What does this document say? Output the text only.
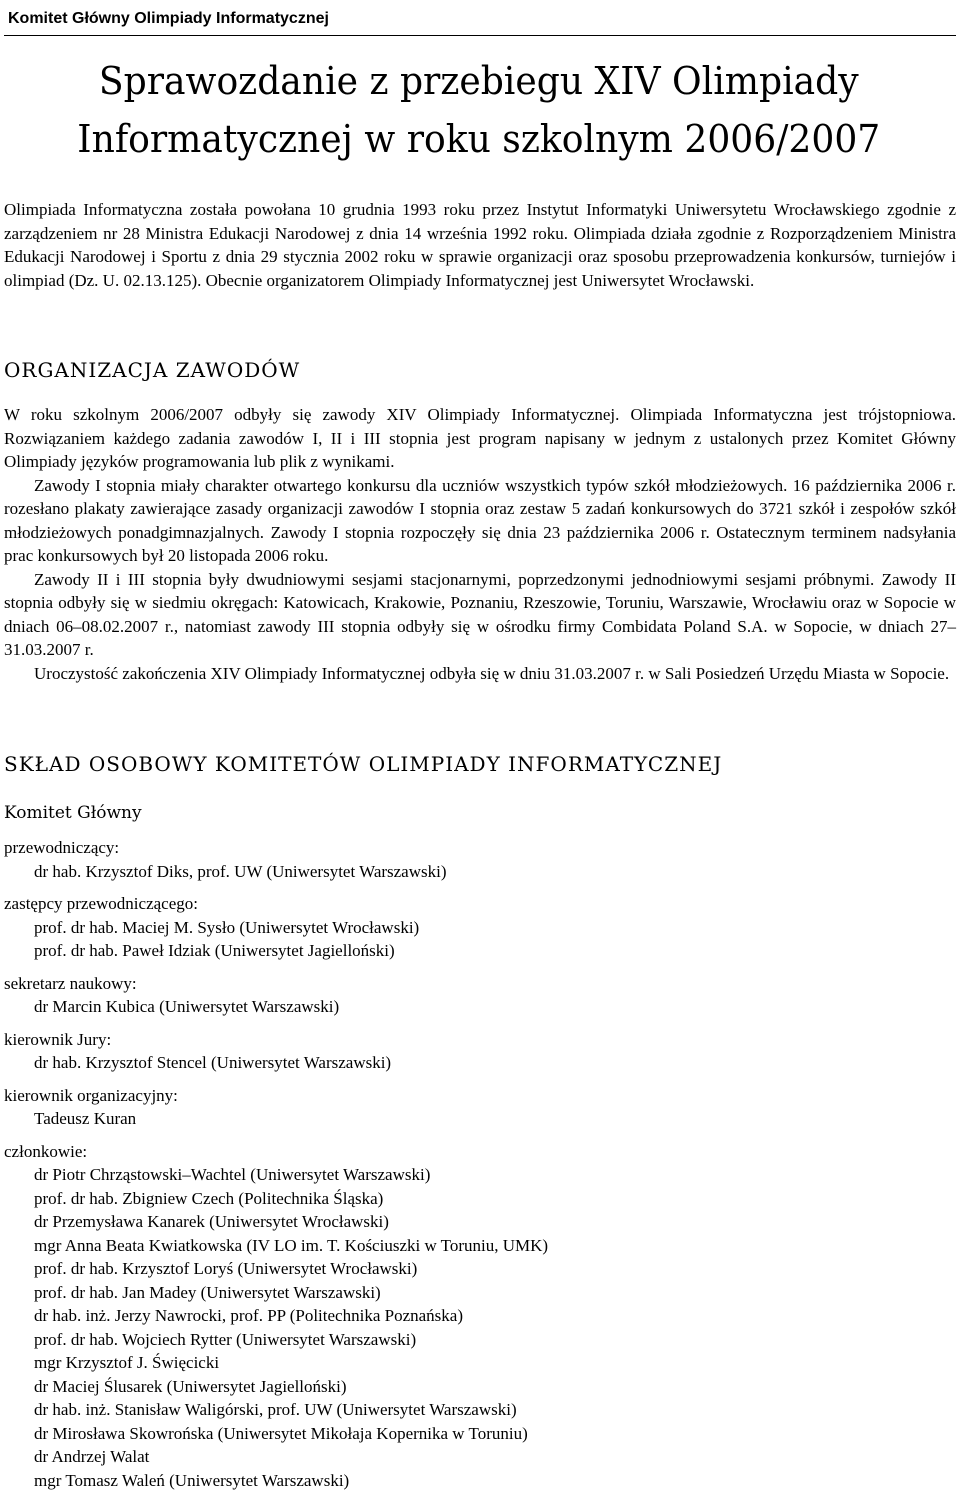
Komitet Główny Olimpiady Informatycznej
Sprawozdanie z przebiegu XIV Olimpiady
Informatycznej w roku szkolnym 2006/2007

Olimpiada Informatyczna została powołana 10 grudnia 1993 roku przez Instytut Informatyki Uniwersytetu Wrocławskiego zgodnie z zarządzeniem nr 28 Ministra Edukacji Narodowej z dnia 14 września 1992 roku. Olimpiada działa zgodnie z Rozporządzeniem Ministra Edukacji Narodowej i Sportu z dnia 29 stycznia 2002 roku w sprawie organizacji oraz sposobu przeprowadzenia konkursów, turniejów i olimpiad (Dz. U. 02.13.125). Obecnie organizatorem Olimpiady Informatycznej jest Uniwersytet Wrocławski.

ORGANIZACJA ZAWODÓW

W roku szkolnym 2006/2007 odbyły się zawody XIV Olimpiady Informatycznej. Olimpiada Informatyczna jest trójstopniowa. Rozwiązaniem każdego zadania zawodów I, II i III stopnia jest program napisany w jednym z ustalonych przez Komitet Główny Olimpiady języków programowania lub plik z wynikami.

Zawody I stopnia miały charakter otwartego konkursu dla uczniów wszystkich typów szkół młodzieżowych. 16 października 2006 r. rozesłano plakaty zawierające zasady organizacji zawodów I stopnia oraz zestaw 5 zadań konkursowych do 3721 szkół i zespołów szkół młodzieżowych ponadgimnazjalnych. Zawody I stopnia rozpoczęły się dnia 23 października 2006 r. Ostatecznym terminem nadsyłania prac konkursowych był 20 listopada 2006 roku.

Zawody II i III stopnia były dwudniowymi sesjami stacjonarnymi, poprzedzonymi jednodniowymi sesjami próbnymi. Zawody II stopnia odbyły się w siedmiu okręgach: Katowicach, Krakowie, Poznaniu, Rzeszowie, Toruniu, Warszawie, Wrocławiu oraz w Sopocie w dniach 06–08.02.2007 r., natomiast zawody III stopnia odbyły się w ośrodku firmy Combidata Poland S.A. w Sopocie, w dniach 27–31.03.2007 r.

Uroczystość zakończenia XIV Olimpiady Informatycznej odbyła się w dniu 31.03.2007 r. w Sali Posiedzeń Urzędu Miasta w Sopocie.

SKŁAD OSOBOWY KOMITETÓW OLIMPIADY INFORMATYCZNEJ
Komitet Główny
przewodniczący:
dr hab. Krzysztof Diks, prof. UW (Uniwersytet Warszawski)
zastępcy przewodniczącego:
prof. dr hab. Maciej M. Sysło (Uniwersytet Wrocławski)
prof. dr hab. Paweł Idziak (Uniwersytet Jagielloński)
sekretarz naukowy:
dr Marcin Kubica (Uniwersytet Warszawski)
kierownik Jury:
dr hab. Krzysztof Stencel (Uniwersytet Warszawski)
kierownik organizacyjny:
Tadeusz Kuran
członkowie:
dr Piotr Chrząstowski–Wachtel (Uniwersytet Warszawski)
prof. dr hab. Zbigniew Czech (Politechnika Śląska)
dr Przemysława Kanarek (Uniwersytet Wrocławski)
mgr Anna Beata Kwiatkowska (IV LO im. T. Kościuszki w Toruniu, UMK)
prof. dr hab. Krzysztof Loryś (Uniwersytet Wrocławski)
prof. dr hab. Jan Madey (Uniwersytet Warszawski)
dr hab. inż. Jerzy Nawrocki, prof. PP (Politechnika Poznańska)
prof. dr hab. Wojciech Rytter (Uniwersytet Warszawski)
mgr Krzysztof J. Święcicki
dr Maciej Ślusarek (Uniwersytet Jagielloński)
dr hab. inż. Stanisław Waligórski, prof. UW (Uniwersytet Warszawski)
dr Mirosława Skowrońska (Uniwersytet Mikołaja Kopernika w Toruniu)
dr Andrzej Walat
mgr Tomasz Waleń (Uniwersytet Warszawski)
